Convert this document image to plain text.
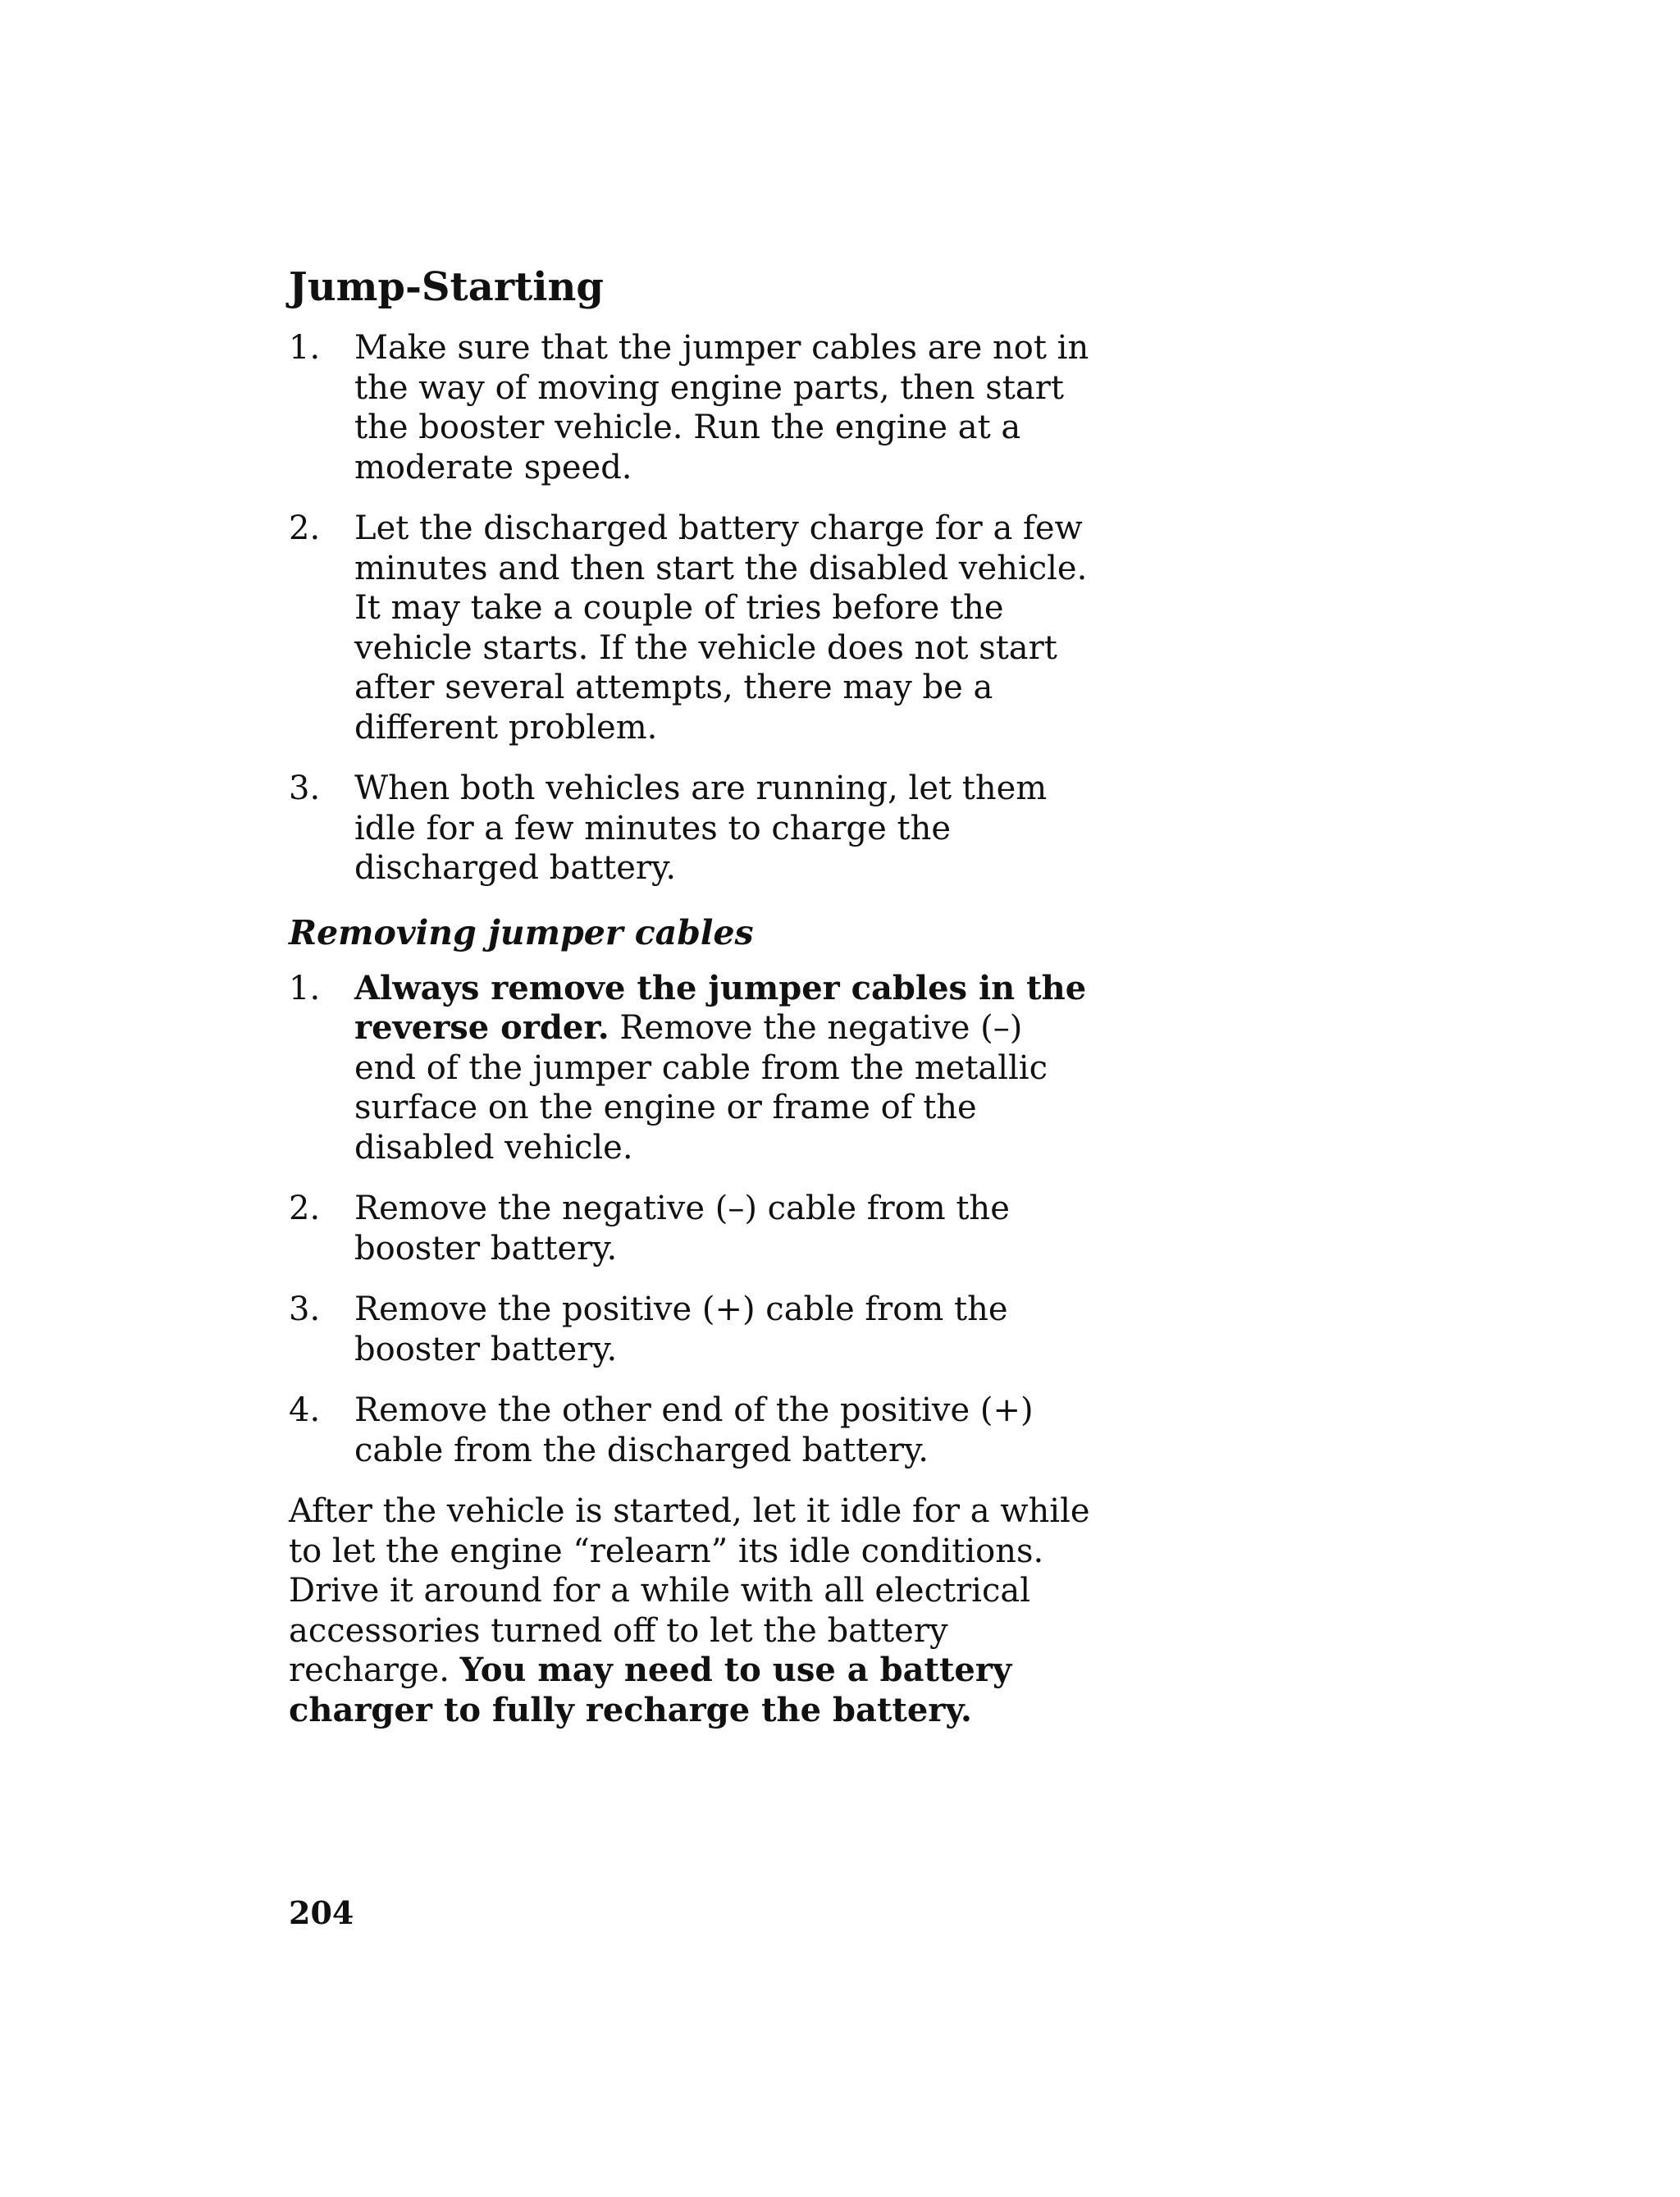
Jump-Starting
1.	Make sure that the jumper cables are not in the way of moving engine parts, then start the booster vehicle. Run the engine at a moderate speed.
2.	Let the discharged battery charge for a few minutes and then start the disabled vehicle. It may take a couple of tries before the vehicle starts. If the vehicle does not start after several attempts, there may be a different problem.
3.	When both vehicles are running, let them idle for a few minutes to charge the discharged battery.
Removing jumper cables
1.	Always remove the jumper cables in the reverse order. Remove the negative (–) end of the jumper cable from the metallic surface on the engine or frame of the disabled vehicle.
2.	Remove the negative (–) cable from the booster battery.
3.	Remove the positive (+) cable from the booster battery.
4.	Remove the other end of the positive (+) cable from the discharged battery.

After the vehicle is started, let it idle for a while to let the engine “relearn” its idle conditions. Drive it around for a while with all electrical accessories turned off to let the battery recharge. You may need to use a battery charger to fully recharge the battery.

204
